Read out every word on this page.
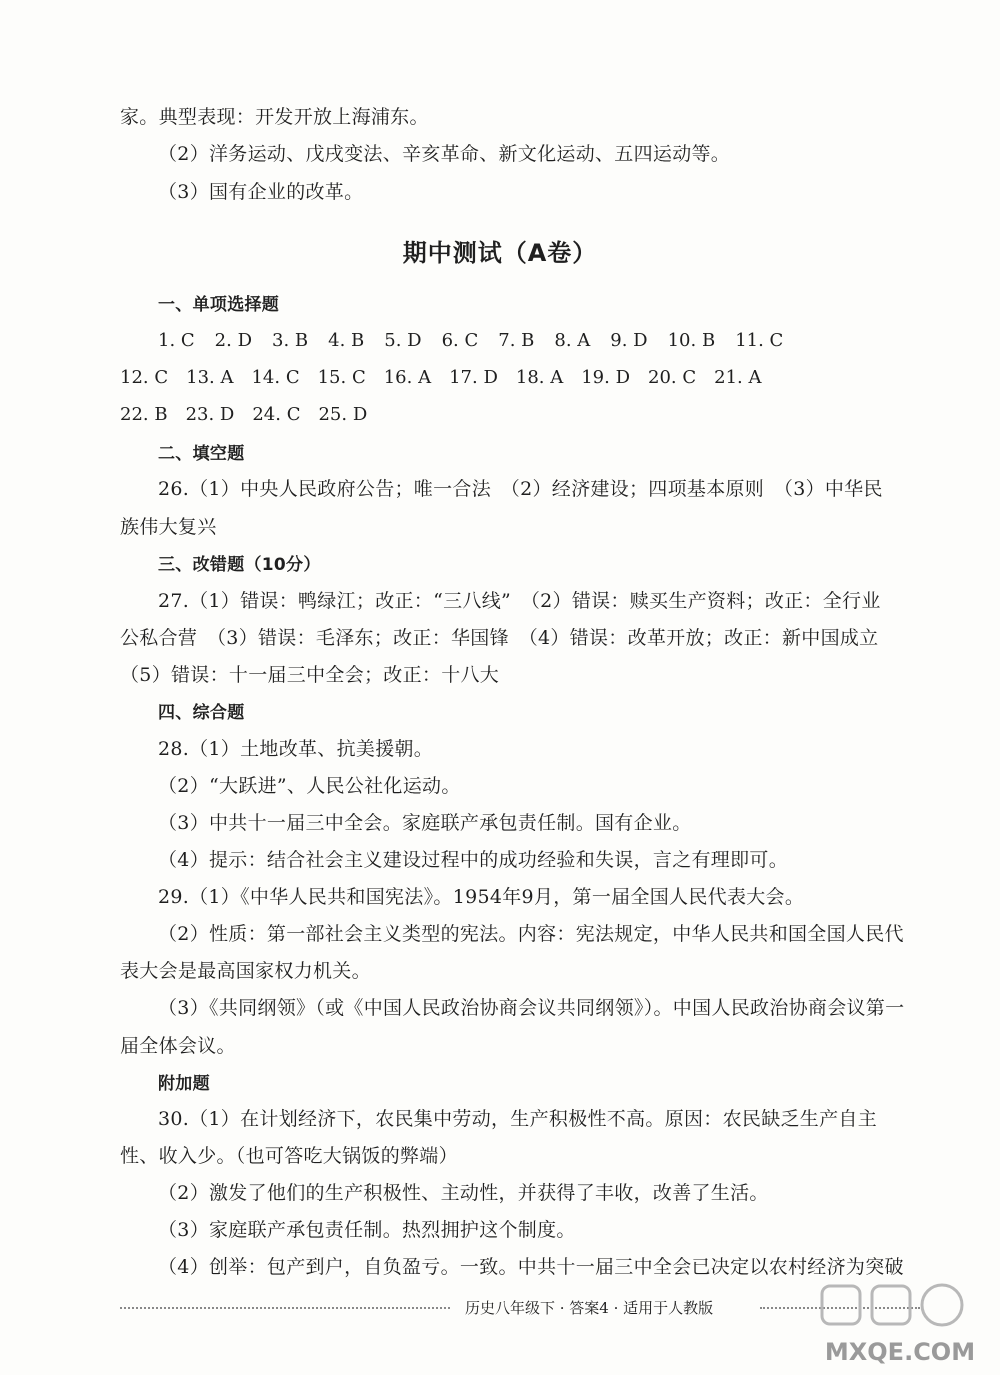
家。典型表现：开发开放上海浦东。
（2）洋务运动、戊戌变法、辛亥革命、新文化运动、五四运动等。
（3）国有企业的改革。
期中测试（A卷）
一、单项选择题
1. C 2. D 3. B 4. B 5. D 6. C 7. B 8. A 9. D 10. B 11. C
12. C 13. A 14. C 15. C 16. A 17. D 18. A 19. D 20. C 21. A
22. B 23. D 24. C 25. D
二、填空题
26.（1）中央人民政府公告；唯一合法　（2）经济建设；四项基本原则　（3）中华民
族伟大复兴
三、改错题（10分）
27.（1）错误：鸭绿江；改正：“三八线”　（2）错误：赎买生产资料；改正：全行业
公私合营　（3）错误：毛泽东；改正：华国锋　（4）错误：改革开放；改正：新中国成立
（5）错误：十一届三中全会；改正：十八大
四、综合题
28.（1）土地改革、抗美援朝。
（2）“大跃进”、人民公社化运动。
（3）中共十一届三中全会。家庭联产承包责任制。国有企业。
（4）提示：结合社会主义建设过程中的成功经验和失误，言之有理即可。
29.（1）《中华人民共和国宪法》。1954年9月，第一届全国人民代表大会。
（2）性质：第一部社会主义类型的宪法。内容：宪法规定，中华人民共和国全国人民代
表大会是最高国家权力机关。
（3）《共同纲领》（或《中国人民政治协商会议共同纲领》）。中国人民政治协商会议第一
届全体会议。
附加题
30.（1）在计划经济下，农民集中劳动，生产积极性不高。原因：农民缺乏生产自主
性、收入少。（也可答吃大锅饭的弊端）
（2）激发了他们的生产积极性、主动性，并获得了丰收，改善了生活。
（3）家庭联产承包责任制。热烈拥护这个制度。
（4）创举：包产到户，自负盈亏。一致。中共十一届三中全会已决定以农村经济为突破
历史八年级下 · 答案4 · 适用于人教版
MXQE.COM
